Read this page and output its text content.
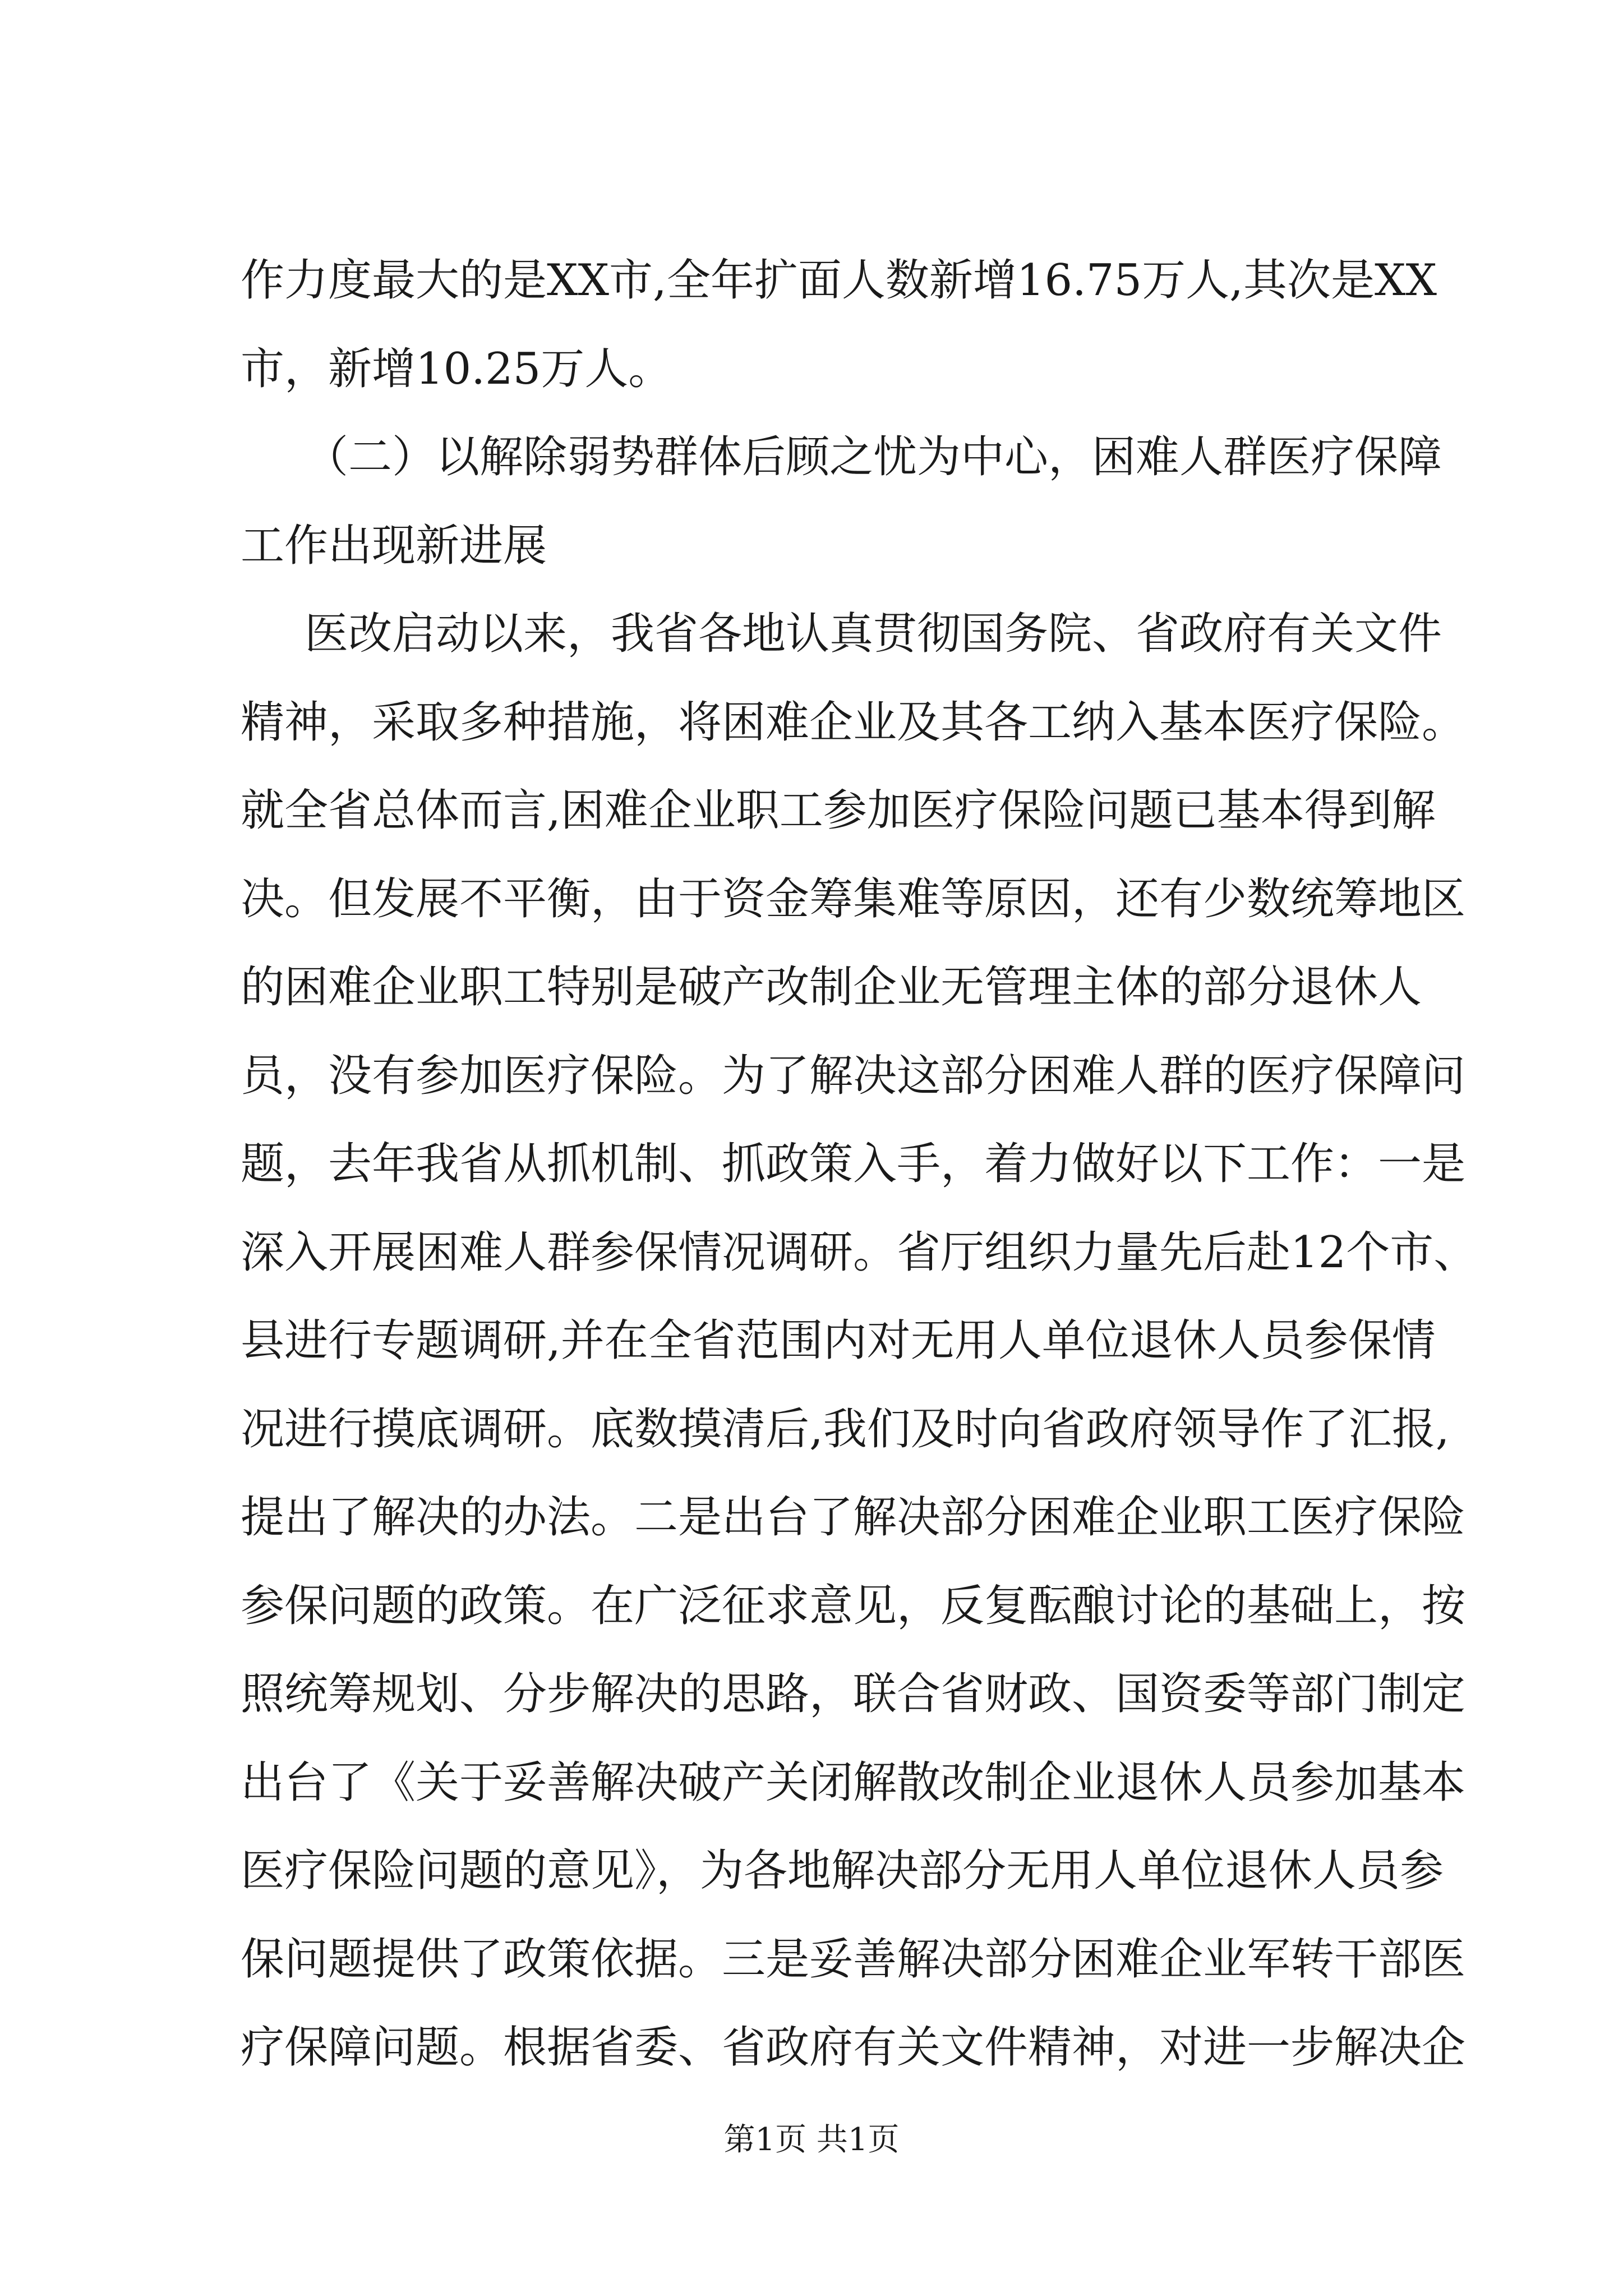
作力度最大的是XX市,全年扩面人数新增16.75万人,其次是XX

市，新增10.25万人。

（二）以解除弱势群体后顾之忧为中心，困难人群医疗保障

工作出现新进展

医改启动以来，我省各地认真贯彻国务院、省政府有关文件

精神，采取多种措施，将困难企业及其各工纳入基本医疗保险。

就全省总体而言,困难企业职工参加医疗保险问题已基本得到解

决。但发展不平衡，由于资金筹集难等原因，还有少数统筹地区

的困难企业职工特别是破产改制企业无管理主体的部分退休人

员，没有参加医疗保险。为了解决这部分困难人群的医疗保障问

题，去年我省从抓机制、抓政策入手，着力做好以下工作：一是

深入开展困难人群参保情况调研。省厅组织力量先后赴12个市、

县进行专题调研,并在全省范围内对无用人单位退休人员参保情

况进行摸底调研。底数摸清后,我们及时向省政府领导作了汇报,

提出了解决的办法。二是出台了解决部分困难企业职工医疗保险

参保问题的政策。在广泛征求意见，反复酝酿讨论的基础上，按

照统筹规划、分步解决的思路，联合省财政、国资委等部门制定

出台了《关于妥善解决破产关闭解散改制企业退休人员参加基本

医疗保险问题的意见》，为各地解决部分无用人单位退休人员参

保问题提供了政策依据。三是妥善解决部分困难企业军转干部医

疗保障问题。根据省委、省政府有关文件精神，对进一步解决企

第1页 共1页
